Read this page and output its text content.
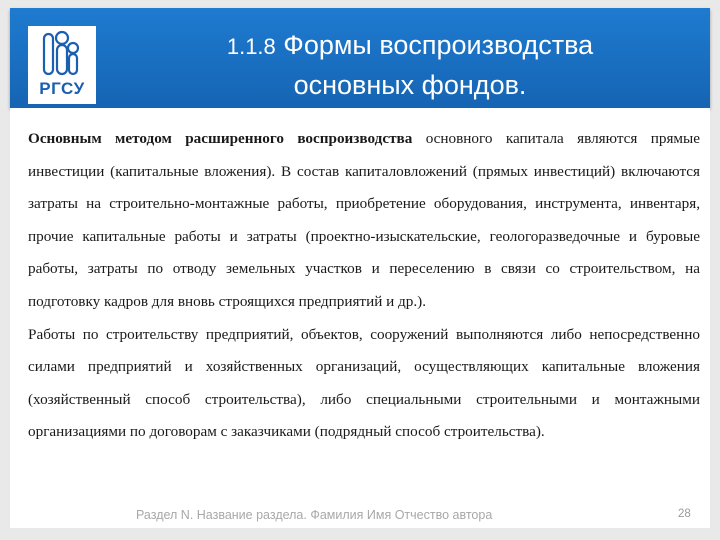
РГСУ
1.1.8 Формы воспроизводства
основных фондов.

Основным методом расширенного воспроизводства основного капитала являются прямые инвестиции (капитальные вложения). В состав капиталовложений (прямых инвестиций) включаются затраты на строительно-монтажные работы, приобретение оборудования, инструмента, инвентаря, прочие капитальные работы и затраты (проектно-изыскательские, геологоразведочные и буровые работы, затраты по отводу земельных участков и переселению в связи со строительством, на подготовку кадров для вновь строящихся предприятий и др.).

Работы по строительству предприятий, объектов, сооружений выполняются либо непосредственно силами предприятий и хозяйственных организаций, осуществляющих капитальные вложения (хозяйственный способ строительства), либо специальными строительными и монтажными организациями по договорам с заказчиками (подрядный способ строительства).

Раздел N. Название раздела. Фамилия Имя Отчество автора	28
